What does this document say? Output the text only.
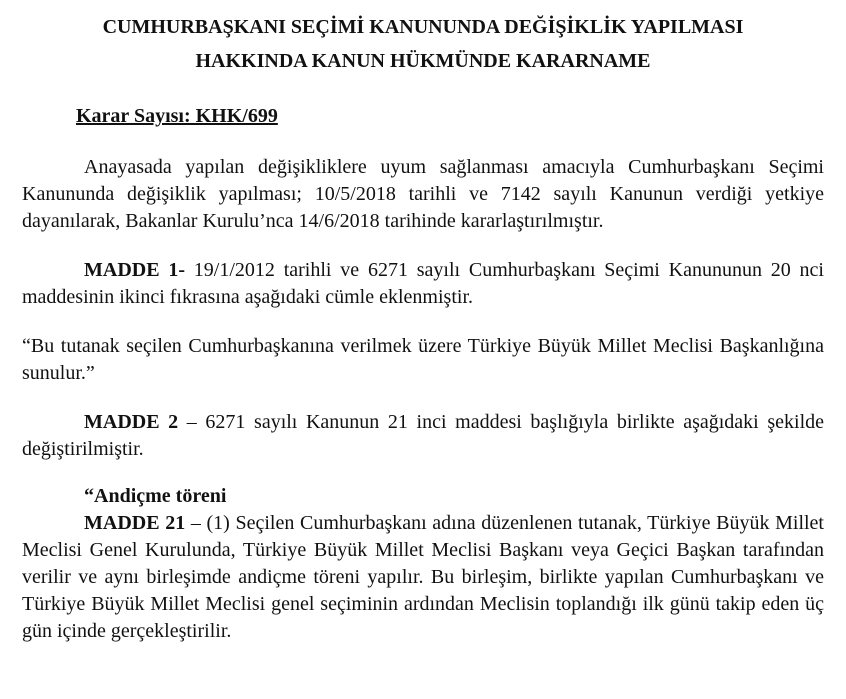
CUMHURBAŞKANI SEÇİMİ KANUNUNDA DEĞİŞİKLİK YAPILMASI
HAKKINDA KANUN HÜKMÜNDE KARARNAME
Karar Sayısı: KHK/699

Anayasada yapılan değişikliklere uyum sağlanması amacıyla Cumhurbaşkanı Seçimi Kanununda değişiklik yapılması; 10/5/2018 tarihli ve 7142 sayılı Kanunun verdiği yetkiye dayanılarak, Bakanlar Kurulu’nca 14/6/2018 tarihinde kararlaştırılmıştır.

MADDE 1- 19/1/2012 tarihli ve 6271 sayılı Cumhurbaşkanı Seçimi Kanununun 20 nci maddesinin ikinci fıkrasına aşağıdaki cümle eklenmiştir.

“Bu tutanak seçilen Cumhurbaşkanına verilmek üzere Türkiye Büyük Millet Meclisi Başkanlığına sunulur.”

MADDE 2 – 6271 sayılı Kanunun 21 inci maddesi başlığıyla birlikte aşağıdaki şekilde değiştirilmiştir.

“Andiçme töreni

MADDE 21 – (1) Seçilen Cumhurbaşkanı adına düzenlenen tutanak, Türkiye Büyük Millet Meclisi Genel Kurulunda, Türkiye Büyük Millet Meclisi Başkanı veya Geçici Başkan tarafından verilir ve aynı birleşimde andiçme töreni yapılır. Bu birleşim, birlikte yapılan Cumhurbaşkanı ve Türkiye Büyük Millet Meclisi genel seçiminin ardından Meclisin toplandığı ilk günü takip eden üç gün içinde gerçekleştirilir.
